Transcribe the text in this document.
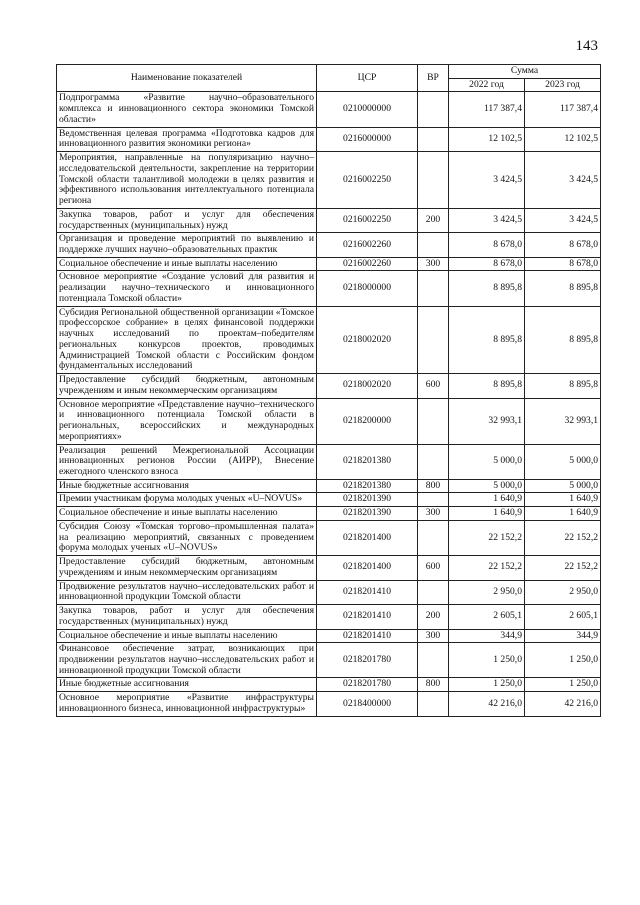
143
Наименование показателей	ЦСР	ВР	Сумма	
			2022 год	2023 год
Подпрограмма «Развитие научно–образовательного комплекса и инновационного сектора экономики Томской области»	0210000000		117 387,4	117 387,4
Ведомственная целевая программа «Подготовка кадров для инновационного развития экономики региона»	0216000000		12 102,5	12 102,5
Мероприятия, направленные на популяризацию научно–исследовательской деятельности, закрепление на территории Томской области талантливой молодежи в целях развития и эффективного использования интеллектуального потенциала региона	0216002250		3 424,5	3 424,5
Закупка товаров, работ и услуг для обеспечения государственных (муниципальных) нужд	0216002250	200	3 424,5	3 424,5
Организация и проведение мероприятий по выявлению и поддержке лучших научно–образовательных практик	0216002260		8 678,0	8 678,0
Социальное обеспечение и иные выплаты населению	0216002260	300	8 678,0	8 678,0
Основное мероприятие «Создание условий для развития и реализации научно–технического и инновационного потенциала Томской области»	0218000000		8 895,8	8 895,8
Субсидия Региональной общественной организации «Томское профессорское собрание» в целях финансовой поддержки научных исследований по проектам–победителям региональных конкурсов проектов, проводимых Администрацией Томской области с Российским фондом фундаментальных исследований	0218002020		8 895,8	8 895,8
Предоставление субсидий бюджетным, автономным учреждениям и иным некоммерческим организациям	0218002020	600	8 895,8	8 895,8
Основное мероприятие «Представление научно–технического и инновационного потенциала Томской области в региональных, всероссийских и международных мероприятиях»	0218200000		32 993,1	32 993,1
Реализация решений Межрегиональной Ассоциации инновационных регионов России (АИРР), Внесение ежегодного членского взноса	0218201380		5 000,0	5 000,0
Иные бюджетные ассигнования	0218201380	800	5 000,0	5 000,0
Премии участникам форума молодых ученых «U–NOVUS»	0218201390		1 640,9	1 640,9
Социальное обеспечение и иные выплаты населению	0218201390	300	1 640,9	1 640,9
Субсидия Союзу «Томская торгово–промышленная палата» на реализацию мероприятий, связанных с проведением форума молодых ученых «U–NOVUS»	0218201400		22 152,2	22 152,2
Предоставление субсидий бюджетным, автономным учреждениям и иным некоммерческим организациям	0218201400	600	22 152,2	22 152,2
Продвижение результатов научно–исследовательских работ и инновационной продукции Томской области	0218201410		2 950,0	2 950,0
Закупка товаров, работ и услуг для обеспечения государственных (муниципальных) нужд	0218201410	200	2 605,1	2 605,1
Социальное обеспечение и иные выплаты населению	0218201410	300	344,9	344,9
Финансовое обеспечение затрат, возникающих при продвижении результатов научно–исследовательских работ и инновационной продукции Томской области	0218201780		1 250,0	1 250,0
Иные бюджетные ассигнования	0218201780	800	1 250,0	1 250,0
Основное мероприятие «Развитие инфраструктуры инновационного бизнеса, инновационной инфраструктуры»	0218400000		42 216,0	42 216,0
